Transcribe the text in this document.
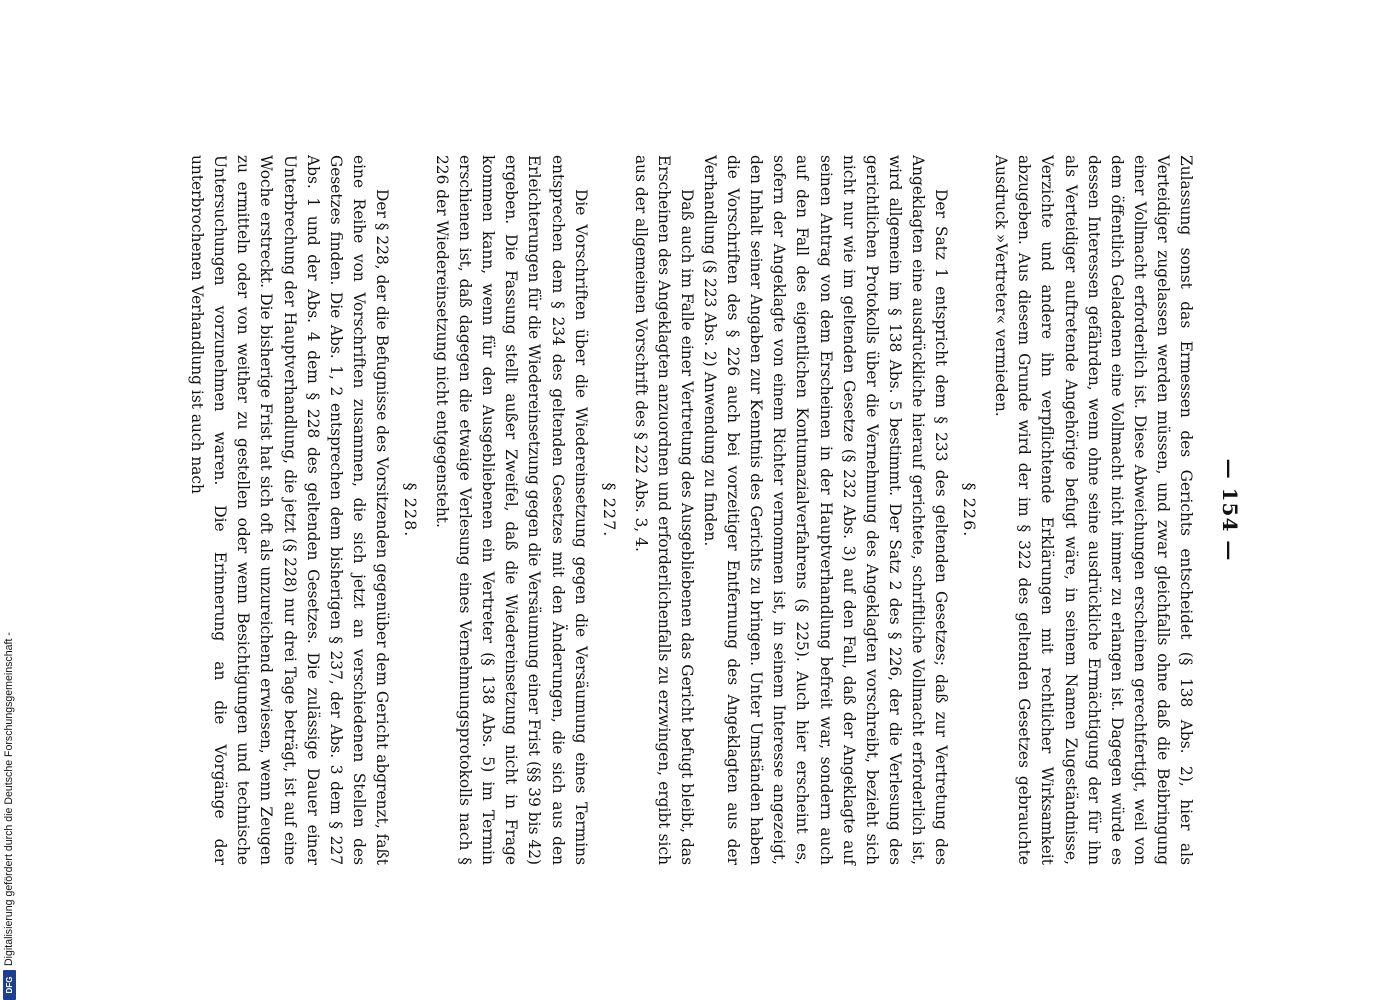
— 154 —

Zulassung sonst das Ermessen des Gerichts entscheidet (§ 138 Abs. 2), hier als Verteidiger zugelassen werden müssen, und zwar gleichfalls ohne daß die Beibringung einer Vollmacht erforderlich ist. Diese Abweichungen erscheinen gerechtfertigt, weil von dem öffentlich Geladenen eine Vollmacht nicht immer zu erlangen ist. Dagegen würde es dessen Interessen gefährden, wenn ohne seine ausdrückliche Ermächtigung der für ihn als Verteidiger auftretende Angehörige befugt wäre, in seinem Namen Zugeständnisse, Verzichte und andere ihn verpflichtende Erklärungen mit rechtlicher Wirksamkeit abzugeben. Aus diesem Grunde wird der im § 322 des geltenden Gesetzes gebrauchte Ausdruck »Vertreter« vermieden.

§ 226.

Der Satz 1 entspricht dem § 233 des geltenden Gesetzes; daß zur Vertretung des Angeklagten eine ausdrückliche hierauf gerichtete, schriftliche Vollmacht erforderlich ist, wird allgemein im § 138 Abs. 5 bestimmt. Der Satz 2 des § 226, der die Verlesung des gerichtlichen Protokolls über die Vernehmung des Angeklagten vorschreibt, bezieht sich nicht nur wie im geltenden Gesetze (§ 232 Abs. 3) auf den Fall, daß der Angeklagte auf seinen Antrag von dem Erscheinen in der Hauptverhandlung befreit war, sondern auch auf den Fall des eigentlichen Kontumazialverfahrens (§ 225). Auch hier erscheint es, sofern der Angeklagte von einem Richter vernommen ist, in seinem Interesse angezeigt, den Inhalt seiner Angaben zur Kenntnis des Gerichts zu bringen. Unter Umständen haben die Vorschriften des § 226 auch bei vorzeitiger Entfernung des Angeklagten aus der Verhandlung (§ 223 Abs. 2) Anwendung zu finden.

Daß auch im Falle einer Vertretung des Ausgebliebenen das Gericht befugt bleibt, das Erscheinen des Angeklagten anzuordnen und erforderlichenfalls zu erzwingen, ergibt sich aus der allgemeinen Vorschrift des § 222 Abs. 3, 4.

§ 227.

Die Vorschriften über die Wiedereinsetzung gegen die Versäumung eines Termins entsprechen dem § 234 des geltenden Gesetzes mit den Änderungen, die sich aus den Erleichterungen für die Wiedereinsetzung gegen die Versäumung einer Frist (§§ 39 bis 42) ergeben. Die Fassung stellt außer Zweifel, daß die Wiedereinsetzung nicht in Frage kommen kann, wenn für den Ausgebliebenen ein Vertreter (§ 138 Abs. 5) im Termin erschienen ist, daß dagegen die etwaige Verlesung eines Vernehmungsprotokolls nach § 226 der Wiedereinsetzung nicht entgegensteht.

§ 228.

Der § 228, der die Befugnisse des Vorsitzenden gegenüber dem Gericht abgrenzt, faßt eine Reihe von Vorschriften zusammen, die sich jetzt an verschiedenen Stellen des Gesetzes finden. Die Abs. 1, 2 entsprechen dem bisherigen § 237, der Abs. 3 dem § 227 Abs. 1 und der Abs. 4 dem § 228 des geltenden Gesetzes. Die zulässige Dauer einer Unterbrechung der Hauptverhandlung, die jetzt (§ 228) nur drei Tage beträgt, ist auf eine Woche erstreckt. Die bisherige Frist hat sich oft als unzureichend erwiesen, wenn Zeugen zu ermitteln oder von weither zu gestellen oder wenn Besichtigungen und technische Untersuchungen vorzunehmen waren. Die Erinnerung an die Vorgänge der unterbrochenen Verhandlung ist auch nach

DFG
Digitalisierung gefördert durch die Deutsche Forschungsgemeinschaft -
